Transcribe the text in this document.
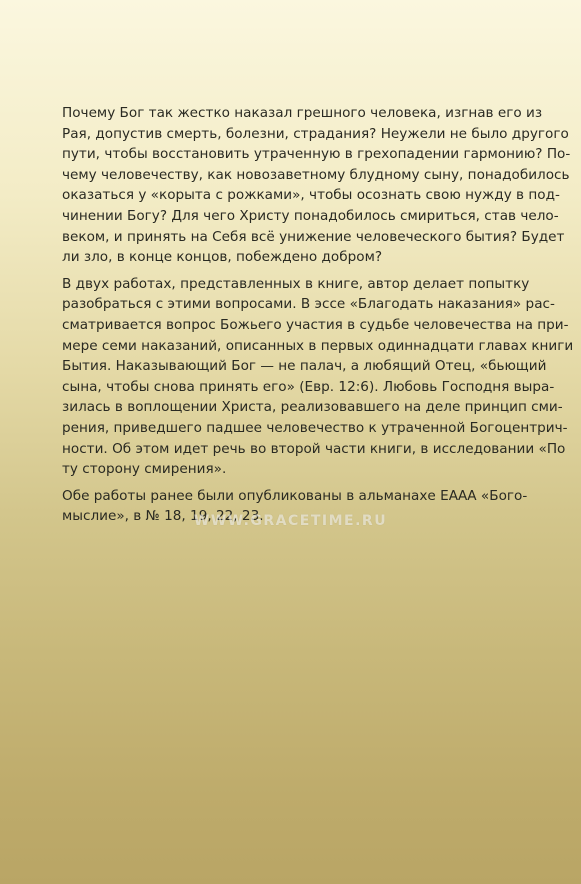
Почему Бог так жестко наказал грешного человека, изгнав его из
Рая, допустив смерть, болезни, страдания? Неужели не было другого
пути, чтобы восстановить утраченную в грехопадении гармонию? По-
чему человечеству, как новозаветному блудному сыну, понадобилось
оказаться у «корыта с рожками», чтобы осознать свою нужду в под-
чинении Богу? Для чего Христу понадобилось смириться, став чело-
веком, и принять на Себя всё унижение человеческого бытия? Будет
ли зло, в конце концов, побеждено добром?
В двух работах, представленных в книге, автор делает попытку
разобраться с этими вопросами. В эссе «Благодать наказания» рас-
сматривается вопрос Божьего участия в судьбе человечества на при-
мере семи наказаний, описанных в первых одиннадцати главах книги
Бытия. Наказывающий Бог — не палач, а любящий Отец, «бьющий
сына, чтобы снова принять его» (Евр. 12:6). Любовь Господня выра-
зилась в воплощении Христа, реализовавшего на деле принцип сми-
рения, приведшего падшее человечество к утраченной Богоцентрич-
ности. Об этом идет речь во второй части книги, в исследовании «По
ту сторону смирения».
Обе работы ранее были опубликованы в альманахе ЕААА «Бого-
мыслие», в № 18, 19, 22, 23.
WWW.GRACETIME.RU
